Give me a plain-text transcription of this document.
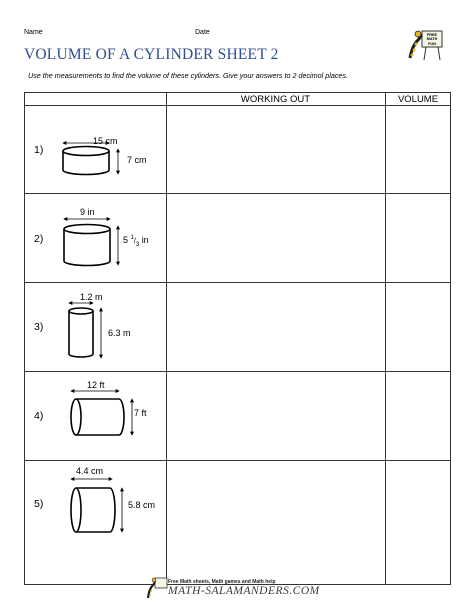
Name	Date
VOLUME OF A CYLINDER SHEET 2
Use the measurements to find the volume of these cylinders. Give your answers to 2 decimol places.
FREE MATH FUN
WORKING OUT	VOLUME
1)
2)
3)
4)
5)
15 cm
7 cm
9 in
5 $^1/_3$ in
1.2 m
6.3 m
12 ft
7 ft
4.4 cm
5.8 cm
Free Math sheets, Math games and Math help
MATH-SALAMANDERS.COM
